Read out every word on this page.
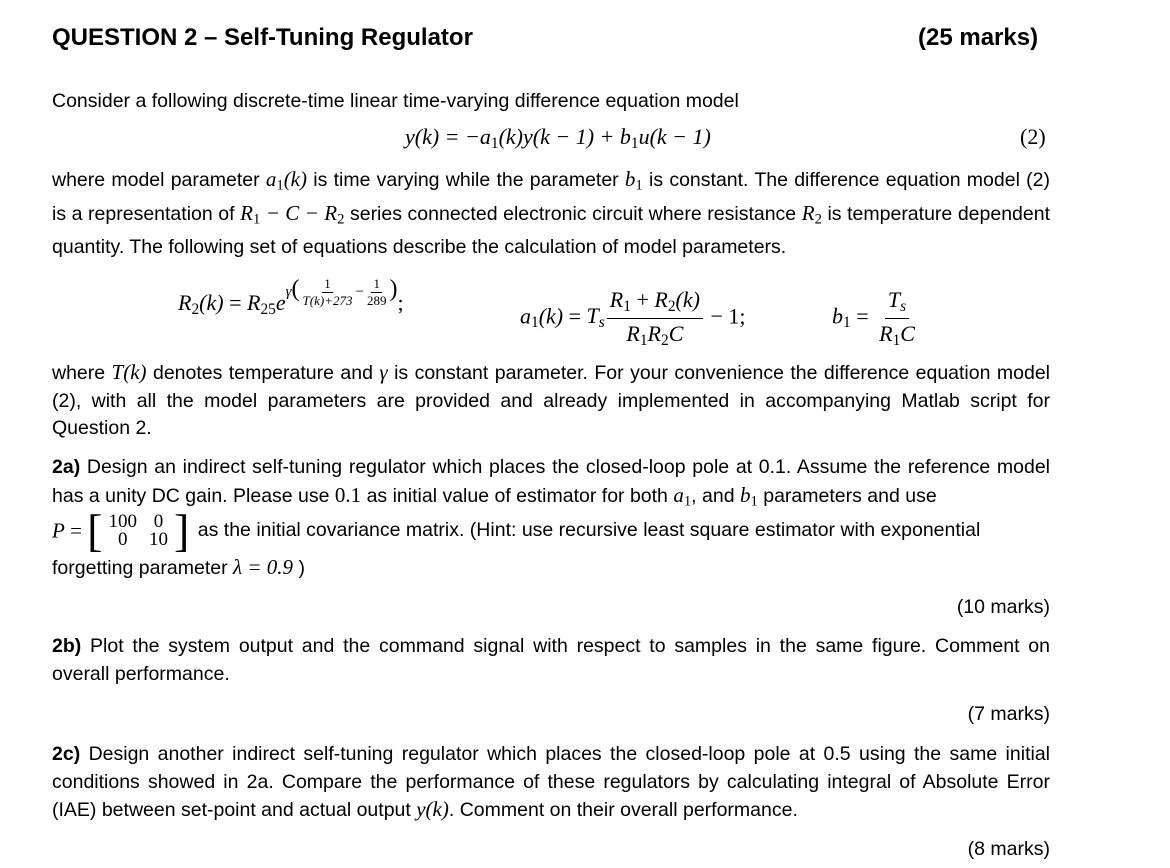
QUESTION 2 – Self-Tuning Regulator	(25 marks)
Consider a following discrete-time linear time-varying difference equation model
$y(k) = -a_1(k)y(k - 1) + b_1u(k - 1)$	(2)
where model parameter $a_1(k)$ is time varying while the parameter $b_1$ is constant. The difference equation model (2) is a representation of $R_1 - C - R_2$ series connected electronic circuit where resistance $R_2$ is temperature dependent quantity. The following set of equations describe the calculation of model parameters.
$R_2(k) = R_{25}e^{\gamma( \frac{1}{T(k)+273} - \frac{1}{289} )}$;
$a_1(k) = T_s \frac{R_1 + R_2(k)}{R_1R_2C} - 1$;	$b_1 = \frac{T_s}{R_1C}$
where T(k) denotes temperature and γ is constant parameter. For your convenience the difference equation model (2), with all the model parameters are provided and already implemented in accompanying Matlab script for Question 2.
2a) Design an indirect self-tuning regulator which places the closed-loop pole at 0.1. Assume the reference model has a unity DC gain. Please use 0.1 as initial value of estimator for both $a_1$, and $b_1$ parameters and use
P = [ 100	0
0	10 ] as the initial covariance matrix. (Hint: use recursive least square estimator with exponential
forgetting parameter λ = 0.9 )
(10 marks)
2b) Plot the system output and the command signal with respect to samples in the same figure. Comment on overall performance.
(7 marks)
2c) Design another indirect self-tuning regulator which places the closed-loop pole at 0.5 using the same initial conditions showed in 2a. Compare the performance of these regulators by calculating integral of Absolute Error (IAE) between set-point and actual output y(k). Comment on their overall performance.
(8 marks)
